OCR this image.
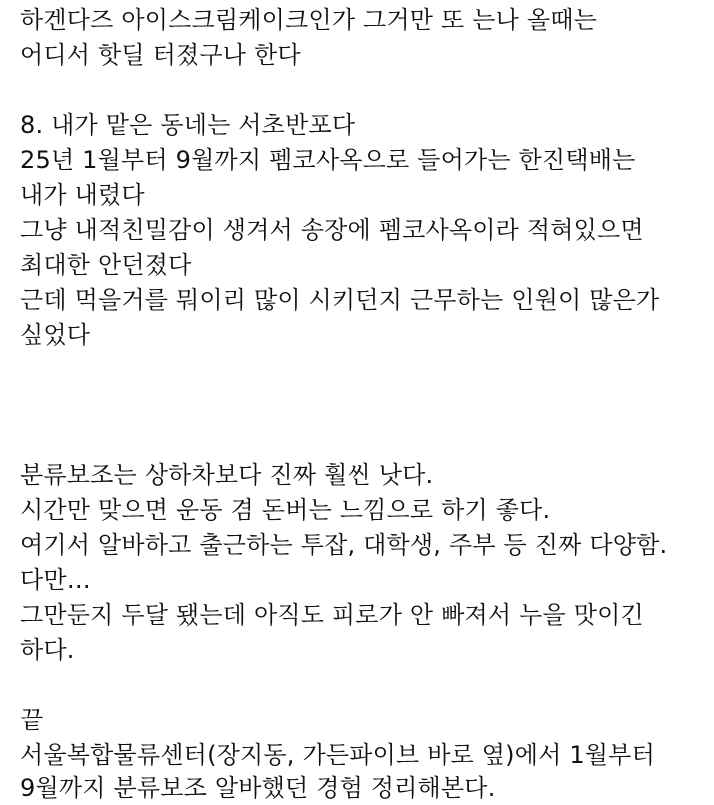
하겐다즈 아이스크림케이크인가 그거만 또 는나 올때는
어디서 핫딜 터졌구나 한다
8. 내가 맡은 동네는 서초반포다
25년 1월부터 9월까지 펨코사옥으로 들어가는 한진택배는
내가 내렸다
그냥 내적친밀감이 생겨서 송장에 펨코사옥이라 적혀있으면
최대한 안던졌다
근데 먹을거를 뭐이리 많이 시키던지 근무하는 인원이 많은가
싶었다
분류보조는 상하차보다 진짜 훨씬 낫다.
시간만 맞으면 운동 겸 돈버는 느낌으로 하기 좋다.
여기서 알바하고 출근하는 투잡, 대학생, 주부 등 진짜 다양함.
다만…
그만둔지 두달 됐는데 아직도 피로가 안 빠져서 누을 맛이긴
하다.
끝
서울복합물류센터(장지동, 가든파이브 바로 옆)에서 1월부터
9월까지 분류보조 알바했던 경험 정리해본다.
